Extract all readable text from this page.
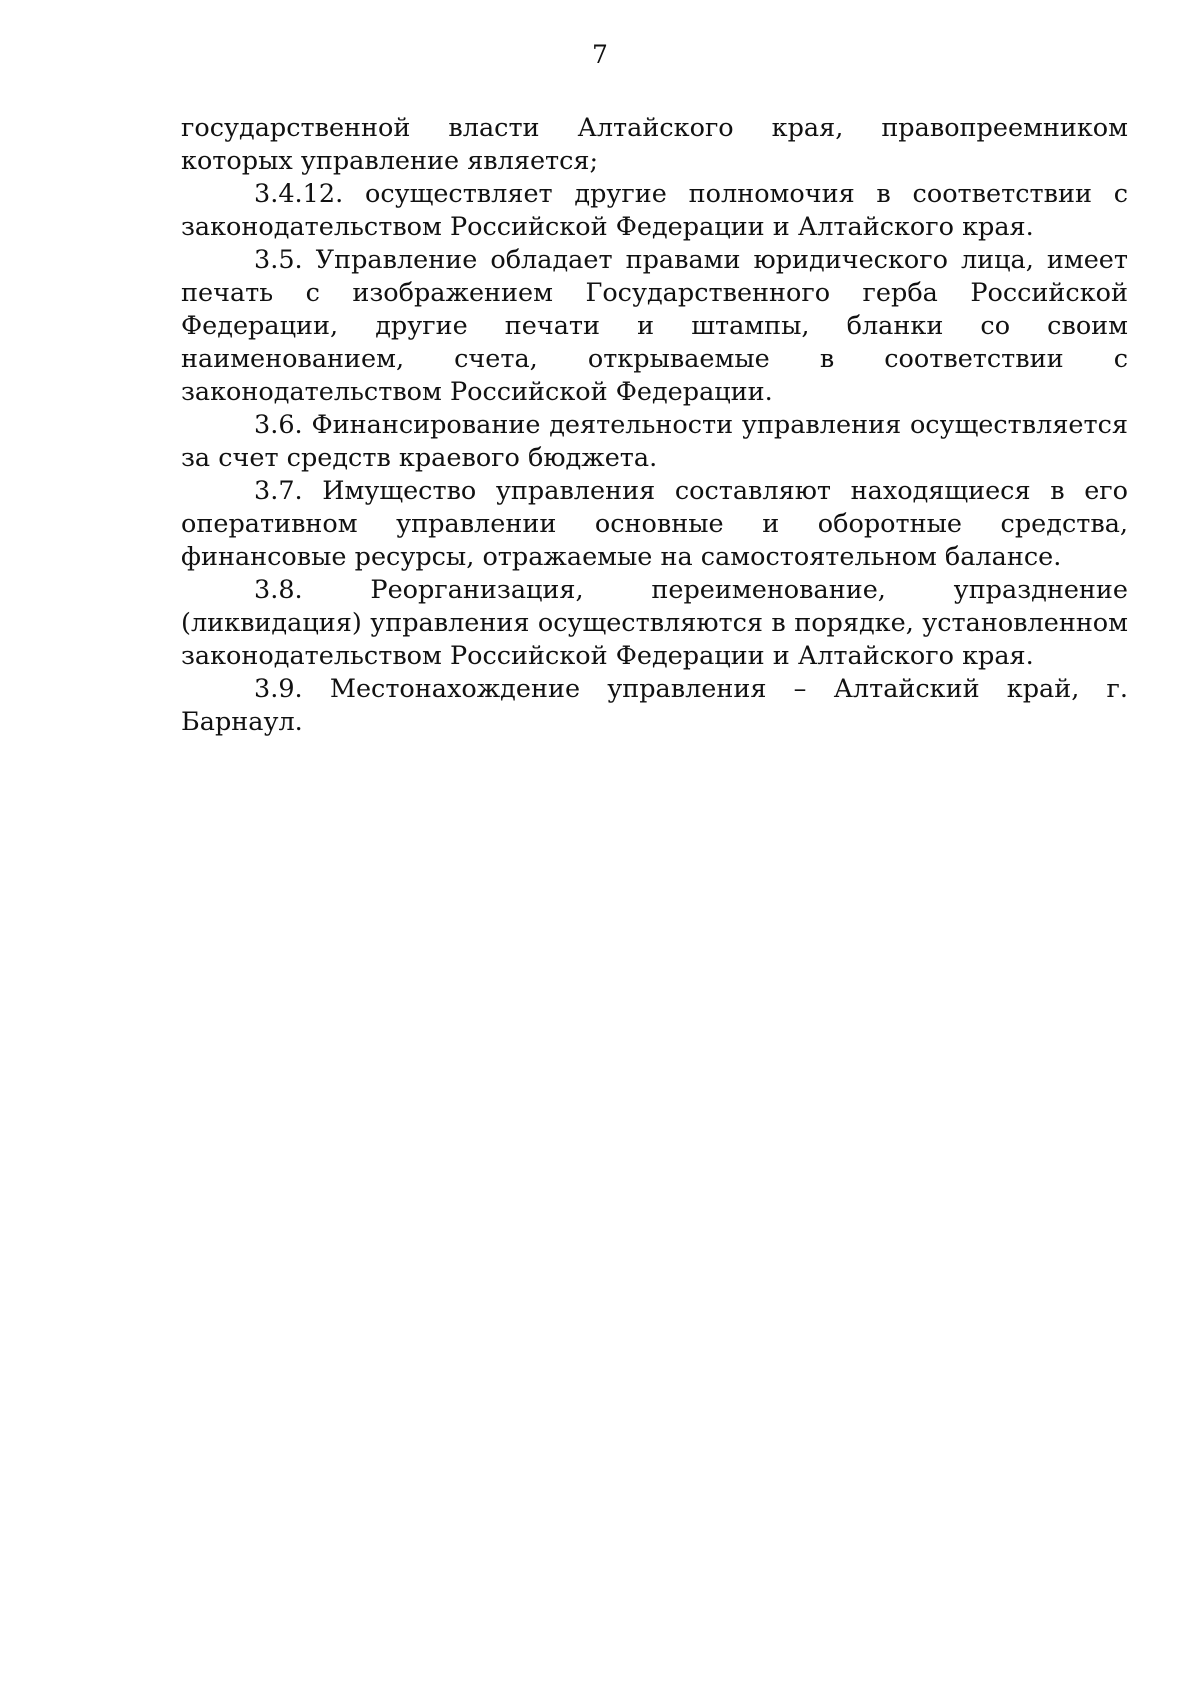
7

государственной власти Алтайского края, правопреемником которых управление является;

3.4.12. осуществляет другие полномочия в соответствии с законодательством Российской Федерации и Алтайского края.

3.5. Управление обладает правами юридического лица, имеет печать с изображением Государственного герба Российской Федерации, другие печати и штампы, бланки со своим наименованием, счета, открываемые в соответствии с законодательством Российской Федерации.

3.6. Финансирование деятельности управления осуществляется за счет средств краевого бюджета.

3.7. Имущество управления составляют находящиеся в его оперативном управлении основные и оборотные средства, финансовые ресурсы, отражаемые на самостоятельном балансе.

3.8. Реорганизация, переименование, упразднение (ликвидация) управления осуществляются в порядке, установленном законодательством Российской Федерации и Алтайского края.

3.9. Местонахождение управления – Алтайский край, г. Барнаул.
